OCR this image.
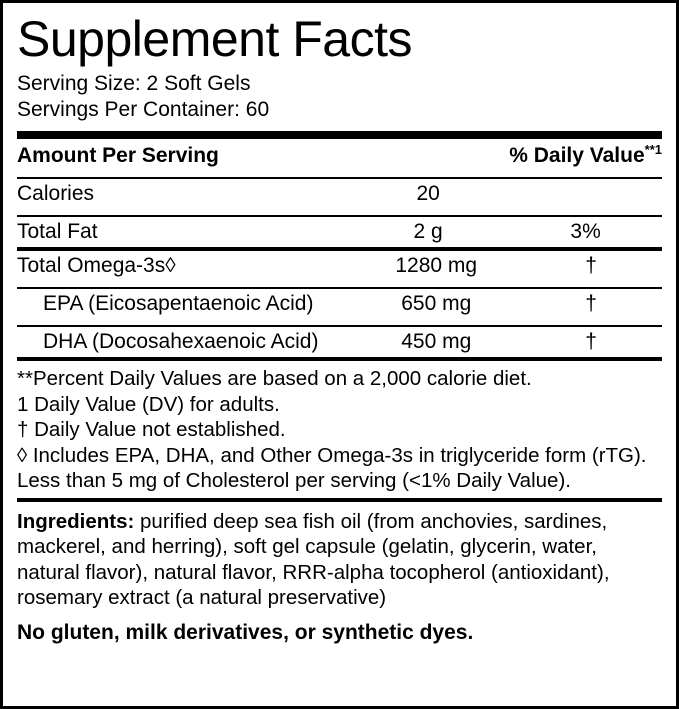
Supplement Facts
Serving Size: 2 Soft Gels
Servings Per Container: 60
Amount Per Serving		% Daily Value$^{**1}$

Calories	20	

Total Fat	2 g	3%
Total Omega-3s◊	1280 mg	†

EPA (Eicosapentaenoic Acid)	650 mg	†

DHA (Docosahexaenoic Acid)	450 mg	†
**Percent Daily Values are based on a 2,000 calorie diet.
1 Daily Value (DV) for adults.
† Daily Value not established.
◊ Includes EPA, DHA, and Other Omega-3s in triglyceride form (rTG).
Less than 5 mg of Cholesterol per serving (<1% Daily Value).
Ingredients: purified deep sea fish oil (from anchovies, sardines, mackerel, and herring), soft gel capsule (gelatin, glycerin, water, natural flavor), natural flavor, RRR-alpha tocopherol (antioxidant), rosemary extract (a natural preservative)
No gluten, milk derivatives, or synthetic dyes.
